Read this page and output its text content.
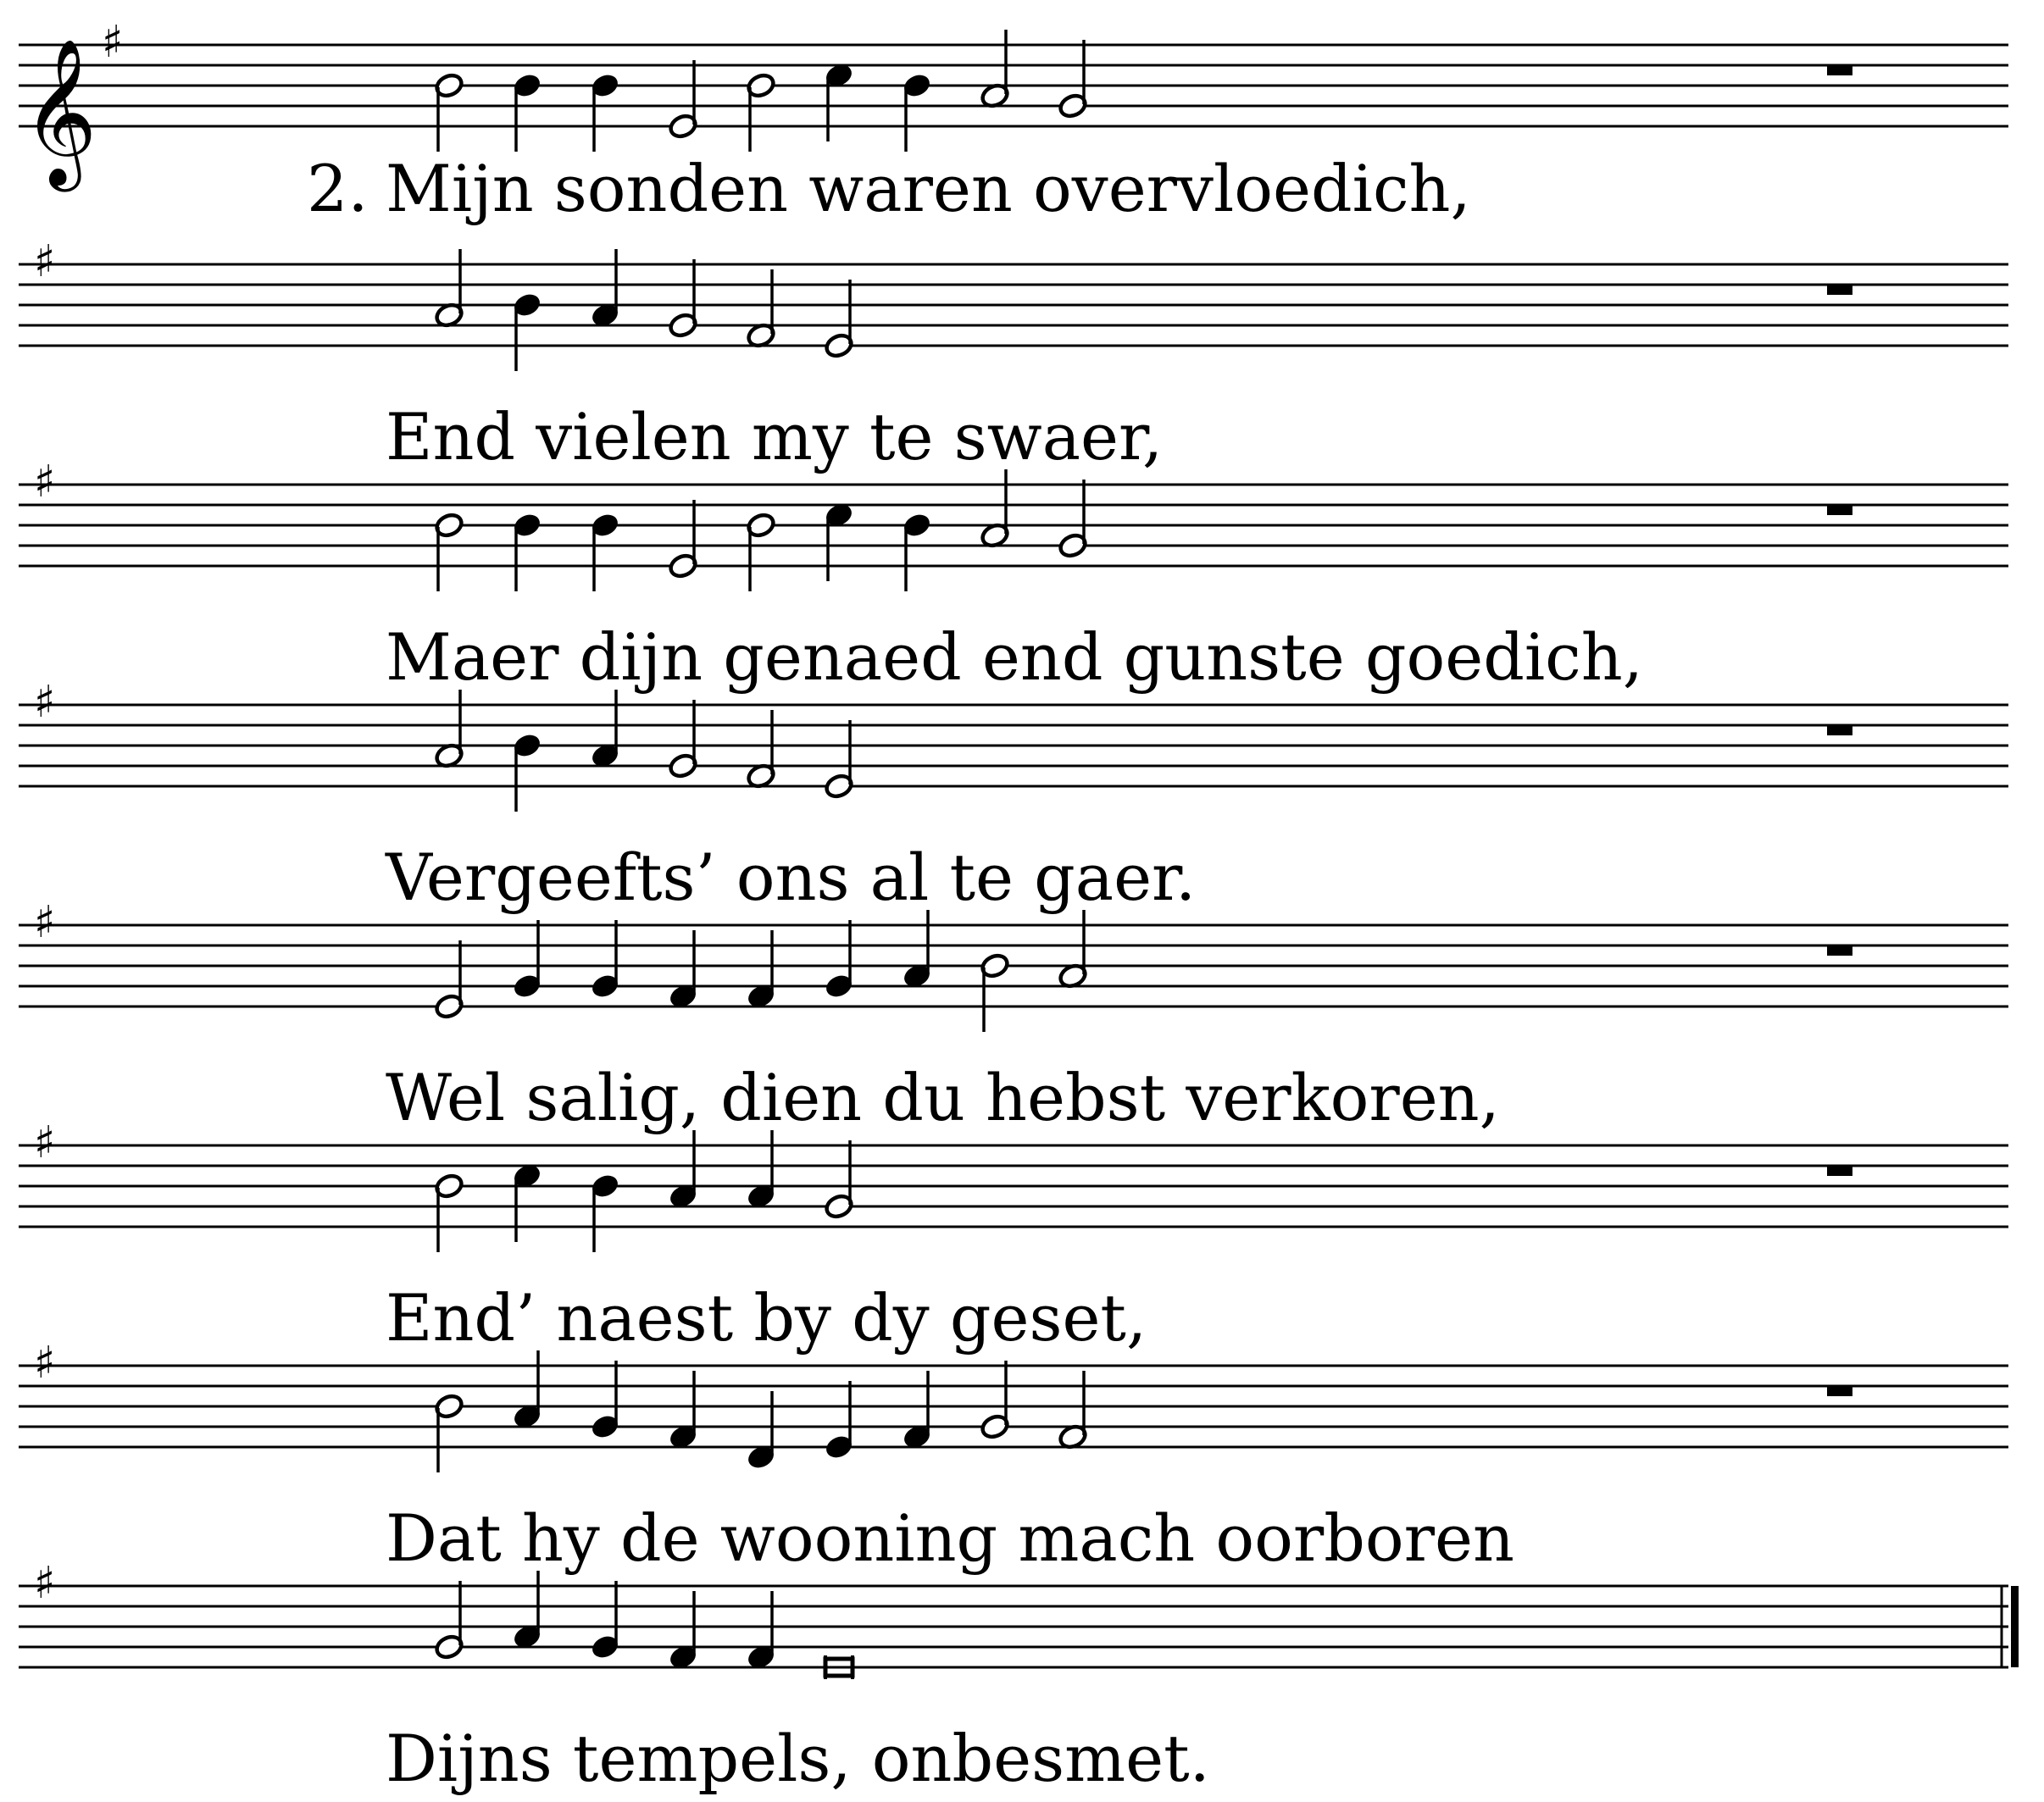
𝄞 ♯
Mijn sonden waren overvloedich,
2.
♯
End vielen my te swaer,
♯
Maer dijn genaed end gunste goedich,
♯
Vergeefts’ ons al te gaer.
♯
Wel salig, dien du hebst verkoren,
♯
End’ naest by dy geset,
♯
Dat hy de wooning mach oorboren
♯
Dijns tempels, onbesmet.
